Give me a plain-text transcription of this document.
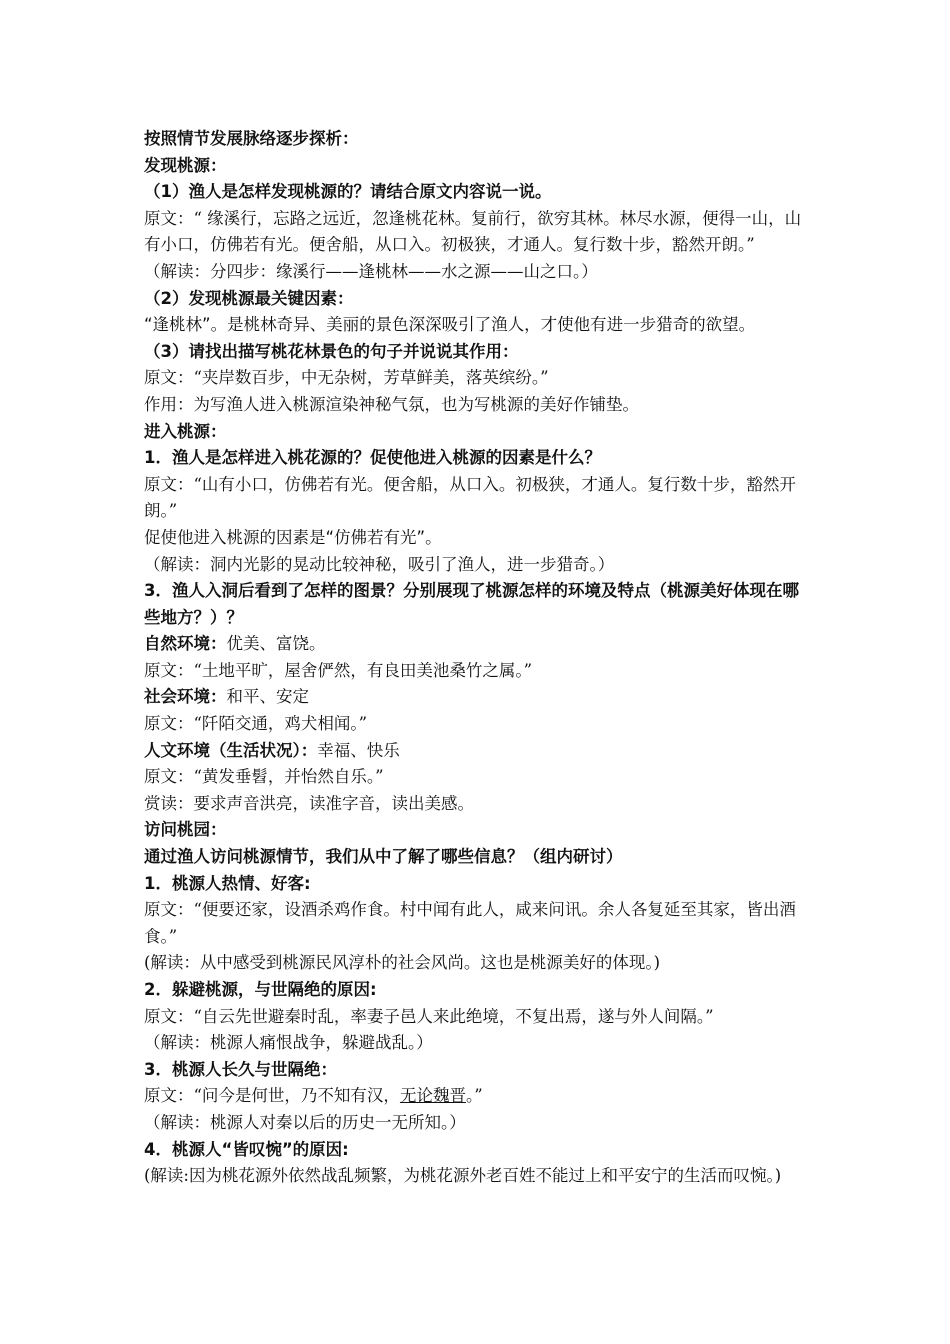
按照情节发展脉络逐步探析：

发现桃源：

（1）渔人是怎样发现桃源的？请结合原文内容说一说。

原文：“ 缘溪行，忘路之远近，忽逢桃花林。复前行，欲穷其林。林尽水源，便得一山，山有小口，仿佛若有光。便舍船，从口入。初极狭，才通人。复行数十步，豁然开朗。”

（解读：分四步：缘溪行——逢桃林——水之源——山之口。）

（2）发现桃源最关键因素：

“逢桃林”。是桃林奇异、美丽的景色深深吸引了渔人，才使他有进一步猎奇的欲望。

（3）请找出描写桃花林景色的句子并说说其作用：

原文：“夹岸数百步，中无杂树，芳草鲜美，落英缤纷。”

作用：为写渔人进入桃源渲染神秘气氛，也为写桃源的美好作铺垫。

进入桃源：

1．渔人是怎样进入桃花源的？促使他进入桃源的因素是什么？

原文：“山有小口，仿佛若有光。便舍船，从口入。初极狭，才通人。复行数十步，豁然开朗。”

促使他进入桃源的因素是“仿佛若有光”。

（解读：洞内光影的晃动比较神秘，吸引了渔人，进一步猎奇。）

3．渔人入洞后看到了怎样的图景？分别展现了桃源怎样的环境及特点（桃源美好体现在哪些地方？）？

自然环境：优美、富饶。

原文：“土地平旷，屋舍俨然，有良田美池桑竹之属。”

社会环境：和平、安定

原文：“阡陌交通，鸡犬相闻。”

人文环境（生活状况）：幸福、快乐

原文：“黄发垂髫，并怡然自乐。”

赏读：要求声音洪亮，读准字音，读出美感。

访问桃园：

通过渔人访问桃源情节，我们从中了解了哪些信息？（组内研讨）

1．桃源人热情、好客:

原文：“便要还家，设酒杀鸡作食。村中闻有此人，咸来问讯。余人各复延至其家，皆出酒食。”

(解读：从中感受到桃源民风淳朴的社会风尚。这也是桃源美好的体现。)

2．躲避桃源，与世隔绝的原因:

原文：“自云先世避秦时乱，率妻子邑人来此绝境，不复出焉，遂与外人间隔。”

（解读：桃源人痛恨战争，躲避战乱。）

3．桃源人长久与世隔绝：

原文：“问今是何世，乃不知有汉，无论魏晋。”

（解读：桃源人对秦以后的历史一无所知。）

4．桃源人“皆叹惋”的原因:

(解读:因为桃花源外依然战乱频繁，为桃花源外老百姓不能过上和平安宁的生活而叹惋。)
